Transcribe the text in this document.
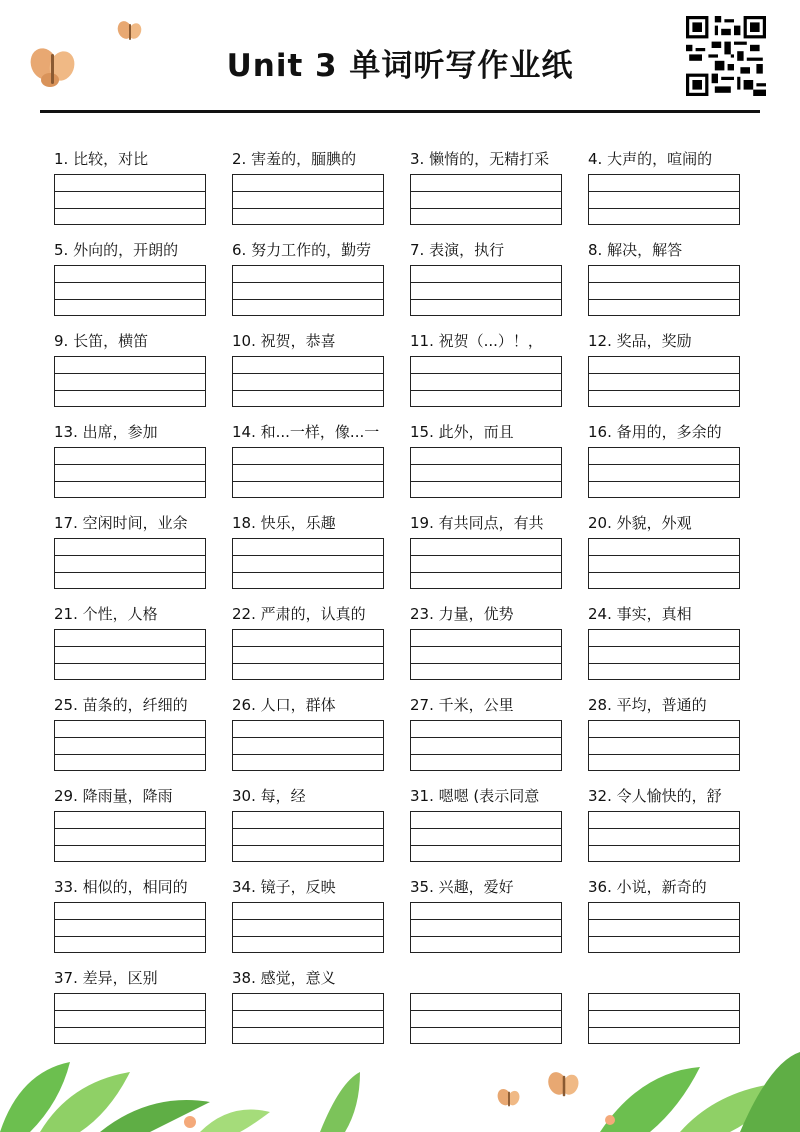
Unit 3 单词听写作业纸
1. 比较，对比	2. 害羞的，腼腆的	3. 懒惰的，无精打采	4. 大声的，喧闹的
5. 外向的，开朗的	6. 努力工作的，勤劳	7. 表演，执行	8. 解决，解答
9. 长笛，横笛	10. 祝贺，恭喜	11. 祝贺（...）！，	12. 奖品，奖励
13. 出席，参加	14. 和...一样，像...一	15. 此外，而且	16. 备用的，多余的
17. 空闲时间，业余	18. 快乐，乐趣	19. 有共同点，有共	20. 外貌，外观
21. 个性，人格	22. 严肃的，认真的	23. 力量，优势	24. 事实，真相
25. 苗条的，纤细的	26. 人口，群体	27. 千米，公里	28. 平均，普通的
29. 降雨量，降雨	30. 每，经	31. 嗯嗯 (表示同意	32. 令人愉快的，舒
33. 相似的，相同的	34. 镜子，反映	35. 兴趣，爱好	36. 小说，新奇的
37. 差异，区别	38. 感觉，意义
